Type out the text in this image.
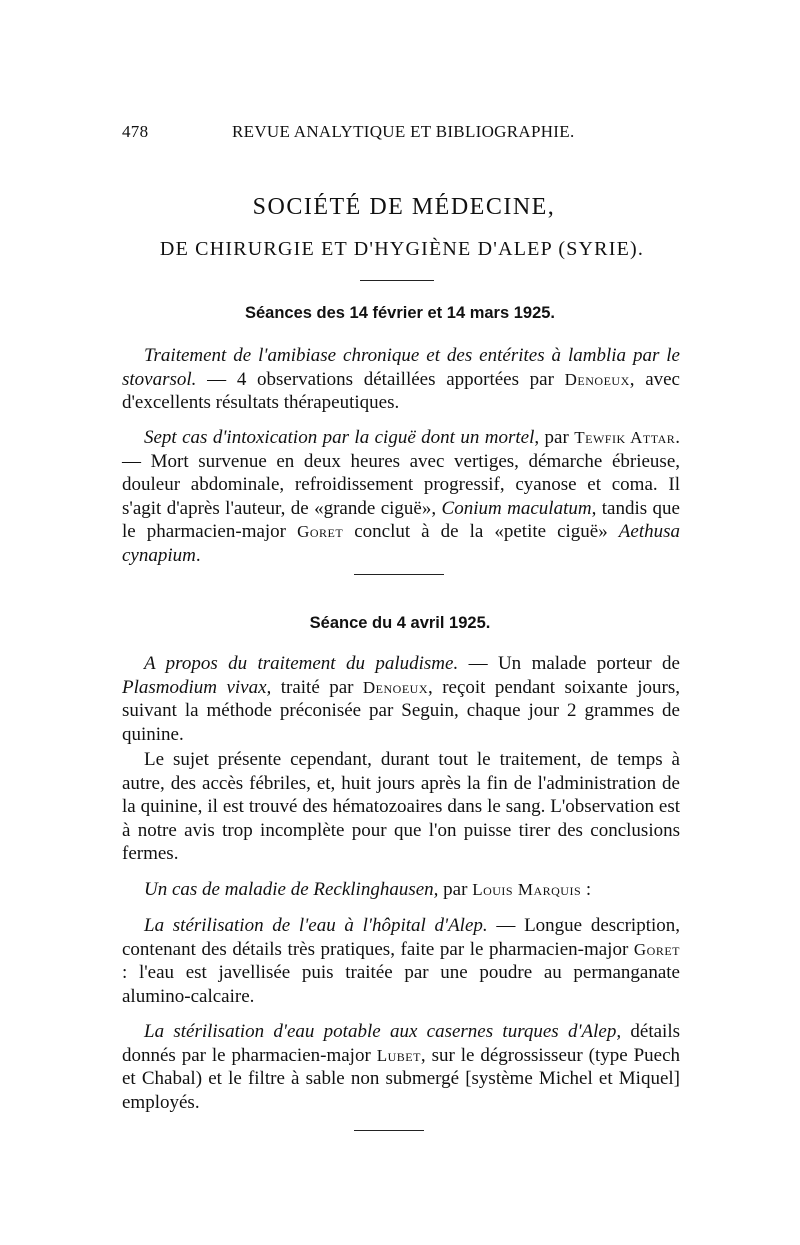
478	REVUE ANALYTIQUE ET BIBLIOGRAPHIE.
SOCIÉTÉ DE MÉDECINE,
DE CHIRURGIE ET D'HYGIÈNE D'ALEP (SYRIE).
Séances des 14 février et 14 mars 1925.

Traitement de l'amibiase chronique et des entérites à lamblia par le stovarsol. — 4 observations détaillées apportées par Denoeux, avec d'excellents résultats thérapeutiques.

Sept cas d'intoxication par la ciguë dont un mortel, par Tewfik Attar. — Mort survenue en deux heures avec vertiges, démarche ébrieuse, douleur abdominale, refroidissement progressif, cyanose et coma. Il s'agit d'après l'auteur, de «grande ciguë», Conium maculatum, tandis que le pharmacien-major Goret conclut à de la «petite ciguë» Aethusa cynapium.

Séance du 4 avril 1925.

A propos du traitement du paludisme. — Un malade porteur de Plasmodium vivax, traité par Denoeux, reçoit pendant soixante jours, suivant la méthode préconisée par Seguin, chaque jour 2 grammes de quinine.

Le sujet présente cependant, durant tout le traitement, de temps à autre, des accès fébriles, et, huit jours après la fin de l'administration de la quinine, il est trouvé des hématozoaires dans le sang. L'observation est à notre avis trop incomplète pour que l'on puisse tirer des conclusions fermes.

Un cas de maladie de Recklinghausen, par Louis Marquis :

La stérilisation de l'eau à l'hôpital d'Alep. — Longue description, contenant des détails très pratiques, faite par le pharmacien-major Goret : l'eau est javellisée puis traitée par une poudre au permanganate alumino-calcaire.

La stérilisation d'eau potable aux casernes turques d'Alep, détails donnés par le pharmacien-major Lubet, sur le dégrossisseur (type Puech et Chabal) et le filtre à sable non submergé [système Michel et Miquel] employés.
